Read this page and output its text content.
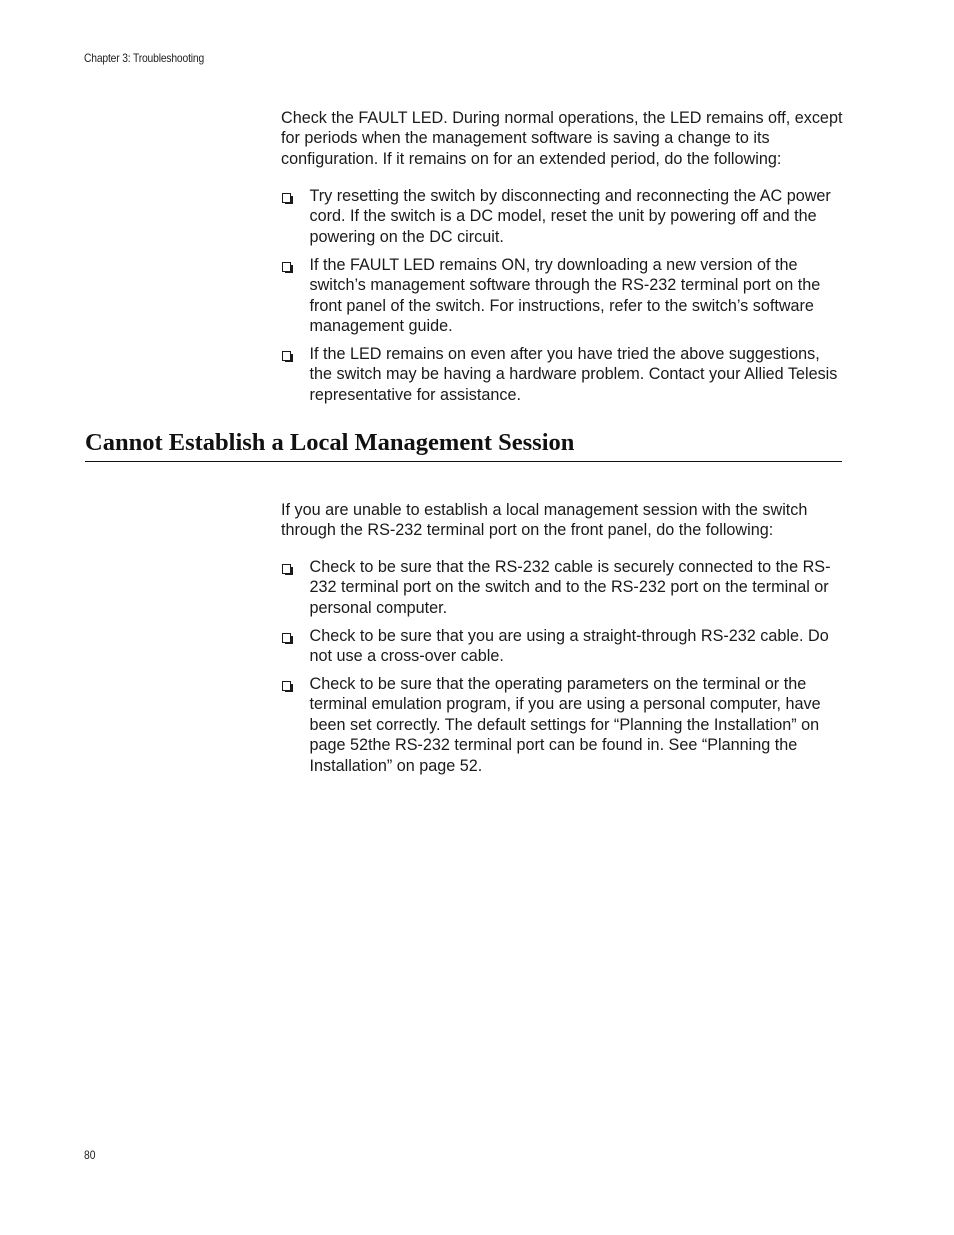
Chapter 3: Troubleshooting

Check the FAULT LED. During normal operations, the LED remains off, except for periods when the management software is saving a change to its configuration. If it remains on for an extended period, do the following:

Try resetting the switch by disconnecting and reconnecting the AC power cord. If the switch is a DC model, reset the unit by powering off and the powering on the DC circuit.
If the FAULT LED remains ON, try downloading a new version of the switch’s management software through the RS-232 terminal port on the front panel of the switch. For instructions, refer to the switch’s software management guide.
If the LED remains on even after you have tried the above suggestions, the switch may be having a hardware problem. Contact your Allied Telesis representative for assistance.
Cannot Establish a Local Management Session

If you are unable to establish a local management session with the switch through the RS-232 terminal port on the front panel, do the following:

Check to be sure that the RS-232 cable is securely connected to the RS-232 terminal port on the switch and to the RS-232 port on the terminal or personal computer.
Check to be sure that you are using a straight-through RS-232 cable. Do not use a cross-over cable.
Check to be sure that the operating parameters on the terminal or the terminal emulation program, if you are using a personal computer, have been set correctly. The default settings for “Planning the Installation” on page 52the RS-232 terminal port can be found in. See “Planning the Installation” on page 52.
80
